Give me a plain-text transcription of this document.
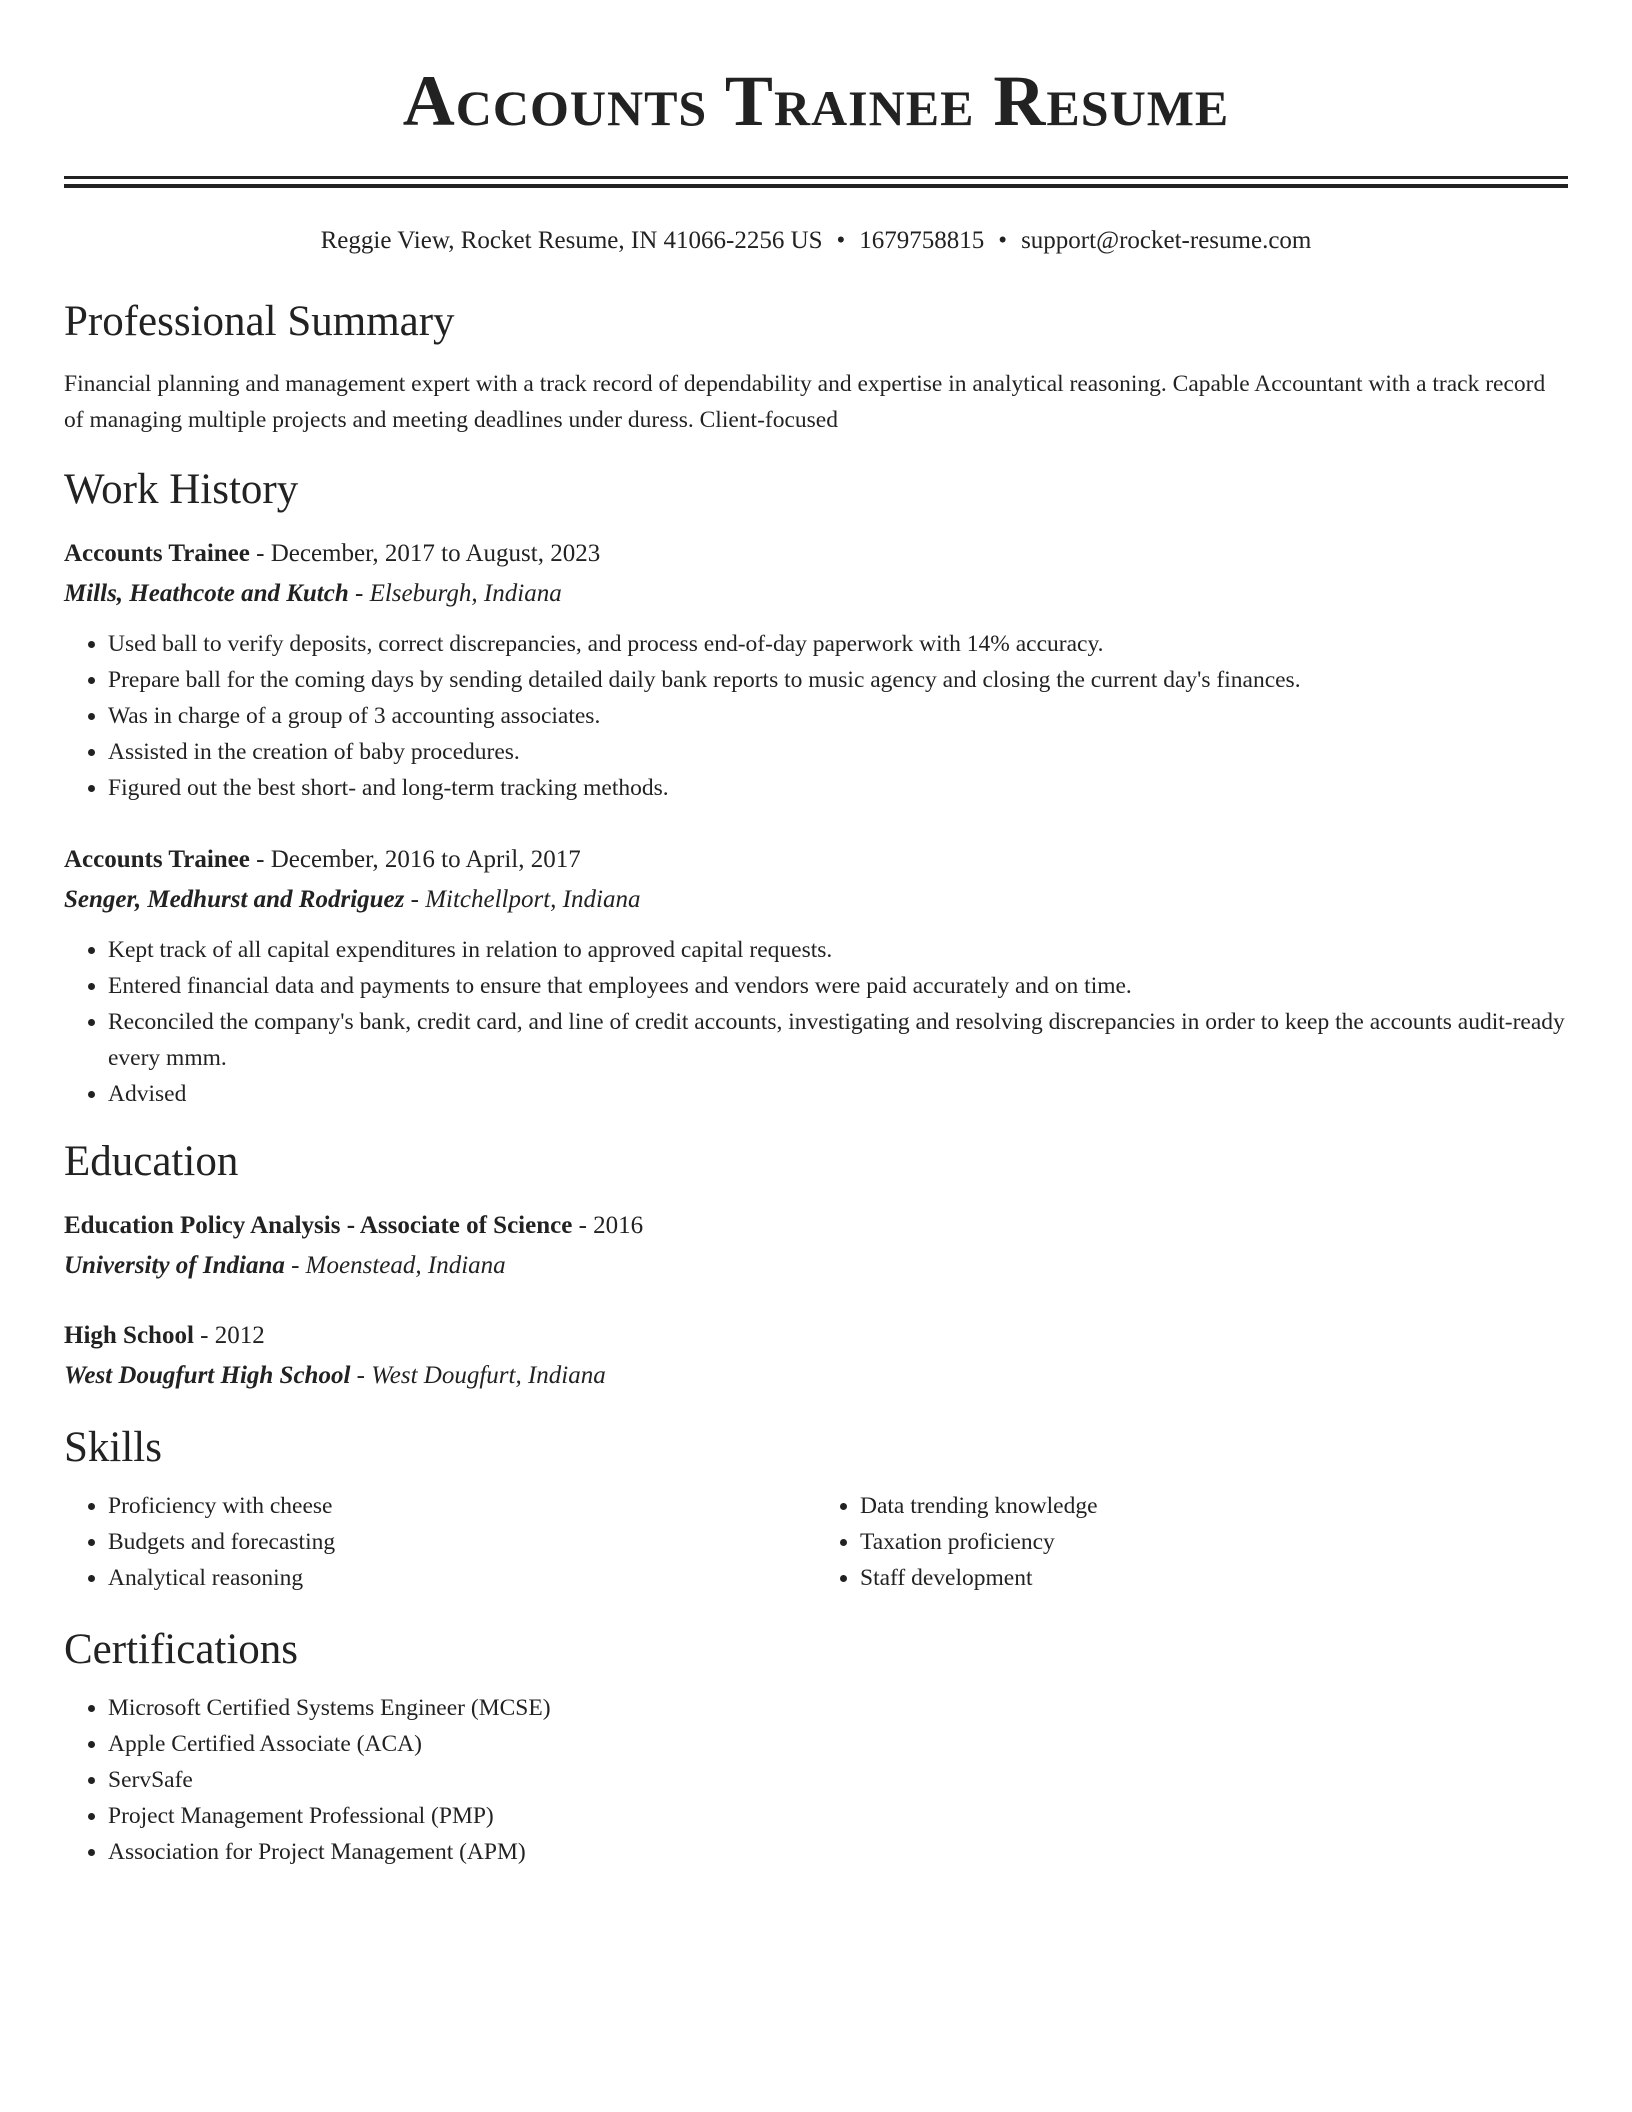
Accounts Trainee Resume
Reggie View, Rocket Resume, IN 41066-2256 US • 1679758815 • support@rocket-resume.com
Professional Summary
Financial planning and management expert with a track record of dependability and expertise in analytical reasoning. Capable Accountant with a track record of managing multiple projects and meeting deadlines under duress. Client-focused
Work History
Accounts Trainee - December, 2017 to August, 2023
Mills, Heathcote and Kutch - Elseburgh, Indiana
• Used ball to verify deposits, correct discrepancies, and process end-of-day paperwork with 14% accuracy.
• Prepare ball for the coming days by sending detailed daily bank reports to music agency and closing the current day's finances.
• Was in charge of a group of 3 accounting associates.
• Assisted in the creation of baby procedures.
• Figured out the best short- and long-term tracking methods.
Accounts Trainee - December, 2016 to April, 2017
Senger, Medhurst and Rodriguez - Mitchellport, Indiana
• Kept track of all capital expenditures in relation to approved capital requests.
• Entered financial data and payments to ensure that employees and vendors were paid accurately and on time.
• Reconciled the company's bank, credit card, and line of credit accounts, investigating and resolving discrepancies in order to keep the accounts audit-ready every mmm.
• Advised
Education
Education Policy Analysis - Associate of Science - 2016
University of Indiana - Moenstead, Indiana
High School - 2012
West Dougfurt High School - West Dougfurt, Indiana
Skills
• Proficiency with cheese
• Budgets and forecasting
• Analytical reasoning
• Data trending knowledge
• Taxation proficiency
• Staff development
Certifications
• Microsoft Certified Systems Engineer (MCSE)
• Apple Certified Associate (ACA)
• ServSafe
• Project Management Professional (PMP)
• Association for Project Management (APM)
